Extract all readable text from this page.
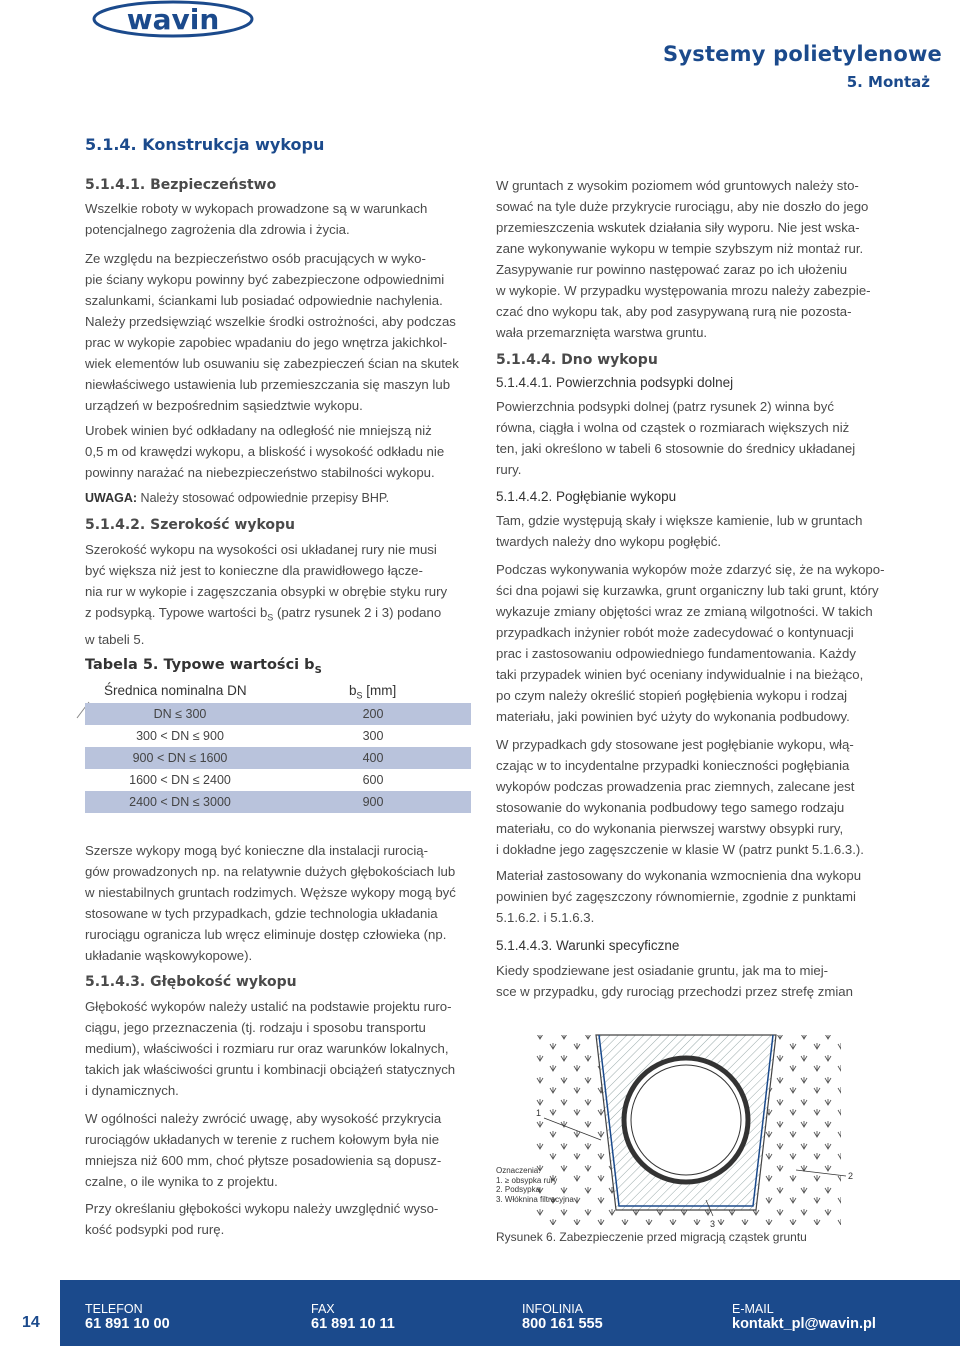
wavin
Systemy polietylenowe
5. Montaż
5.1.4. Konstrukcja wykopu
5.1.4.1. Bezpieczeństwo

Wszelkie roboty w wykopach prowadzone są w warunkach
potencjalnego zagrożenia dla zdrowia i życia.

Ze względu na bezpieczeństwo osób pracujących w wyko-
pie ściany wykopu powinny być zabezpieczone odpowiednimi
szalunkami, ściankami lub posiadać odpowiednie nachylenia.
Należy przedsięwziąć wszelkie środki ostrożności, aby podczas
prac w wykopie zapobiec wpadaniu do jego wnętrza jakichkol-
wiek elementów lub osuwaniu się zabezpieczeń ścian na skutek
niewłaściwego ustawienia lub przemieszczania się maszyn lub
urządzeń w bezpośrednim sąsiedztwie wykopu.

Urobek winien być odkładany na odległość nie mniejszą niż
0,5 m od krawędzi wykopu, a bliskość i wysokość odkładu nie
powinny narażać na niebezpieczeństwo stabilności wykopu.

UWAGA: Należy stosować odpowiednie przepisy BHP.

5.1.4.2. Szerokość wykopu

Szerokość wykopu na wysokości osi układanej rury nie musi
być większa niż jest to konieczne dla prawidłowego łącze-
nia rur w wykopie i zagęszczania obsypki w obrębie styku rury
z podsypką. Typowe wartości $b_S$ (patrz rysunek 2 i 3) podano
w tabeli 5.

Tabela 5. Typowe wartości $b_S$
Średnica nominalna DN	$b_S$ [mm]
DN ≤ 300	200
300 < DN ≤ 900	300
900 < DN ≤ 1600	400
1600 < DN ≤ 2400	600
2400 < DN ≤ 3000	900

Szersze wykopy mogą być konieczne dla instalacji rurocią-
gów prowadzonych np. na relatywnie dużych głębokościach lub
w niestabilnych gruntach rodzimych. Węższe wykopy mogą być
stosowane w tych przypadkach, gdzie technologia układania
rurociągu ogranicza lub wręcz eliminuje dostęp człowieka (np.
układanie wąskowykopowe).

5.1.4.3. Głębokość wykopu

Głębokość wykopów należy ustalić na podstawie projektu ruro-
ciągu, jego przeznaczenia (tj. rodzaju i sposobu transportu
medium), właściwości i rozmiaru rur oraz warunków lokalnych,
takich jak właściwości gruntu i kombinacji obciążeń statycznych
i dynamicznych.

W ogólności należy zwrócić uwagę, aby wysokość przykrycia
rurociągów układanych w terenie z ruchem kołowym była nie
mniejsza niż 600 mm, choć płytsze posadowienia są dopusz-
czalne, o ile wynika to z projektu.

Przy określaniu głębokości wykopu należy uwzględnić wyso-
kość podsypki pod rurę.

W gruntach z wysokim poziomem wód gruntowych należy sto-
sować na tyle duże przykrycie rurociągu, aby nie doszło do jego
przemieszczenia wskutek działania siły wyporu. Nie jest wska-
zane wykonywanie wykopu w tempie szybszym niż montaż rur.
Zasypywanie rur powinno następować zaraz po ich ułożeniu
w wykopie. W przypadku występowania mrozu należy zabezpie-
czać dno wykopu tak, aby pod zasypywaną rurą nie pozosta-
wała przemarznięta warstwa gruntu.

5.1.4.4. Dno wykopu
5.1.4.4.1. Powierzchnia podsypki dolnej

Powierzchnia podsypki dolnej (patrz rysunek 2) winna być
równa, ciągła i wolna od cząstek o rozmiarach większych niż
ten, jaki określono w tabeli 6 stosownie do średnicy układanej
rury.

5.1.4.4.2. Pogłębianie wykopu

Tam, gdzie występują skały i większe kamienie, lub w gruntach
twardych należy dno wykopu pogłębić.

Podczas wykonywania wykopów może zdarzyć się, że na wykopo-
ści dna pojawi się kurzawka, grunt organiczny lub taki grunt, który
wykazuje zmiany objętości wraz ze zmianą wilgotności. W takich
przypadkach inżynier robót może zadecydować o kontynuacji
prac i zastosowaniu odpowiedniego fundamentowania. Każdy
taki przypadek winien być oceniany indywidualnie i na bieżąco,
po czym należy określić stopień pogłębienia wykopu i rodzaj
materiału, jaki powinien być użyty do wykonania podbudowy.

W przypadkach gdy stosowane jest pogłębianie wykopu, włą-
czając w to incydentalne przypadki konieczności pogłębiania
wykopów podczas prowadzenia prac ziemnych, zalecane jest
stosowanie do wykonania podbudowy tego samego rodzaju
materiału, co do wykonania pierwszej warstwy obsypki rury,
i dokładne jego zagęszczenie w klasie W (patrz punkt 5.1.6.3.).

Materiał zastosowany do wykonania wzmocnienia dna wykopu
powinien być zagęszczony równomiernie, zgodnie z punktami
5.1.6.2. i 5.1.6.3.

5.1.4.4.3. Warunki specyficzne

Kiedy spodziewane jest osiadanie gruntu, jak ma to miej-
sce w przypadku, gdy rurociąg przechodzi przez strefę zmian

1
2
3
Oznaczenia:
1. ≥ obsypka rury
2. Podsypka
3. Włóknina filtracyjna
Rysunek 6. Zabezpieczenie przed migracją cząstek gruntu
14
TELEFON
61 891 10 00
FAX
61 891 10 11
INFOLINIA
800 161 555
E-MAIL
kontakt_pl@wavin.pl
